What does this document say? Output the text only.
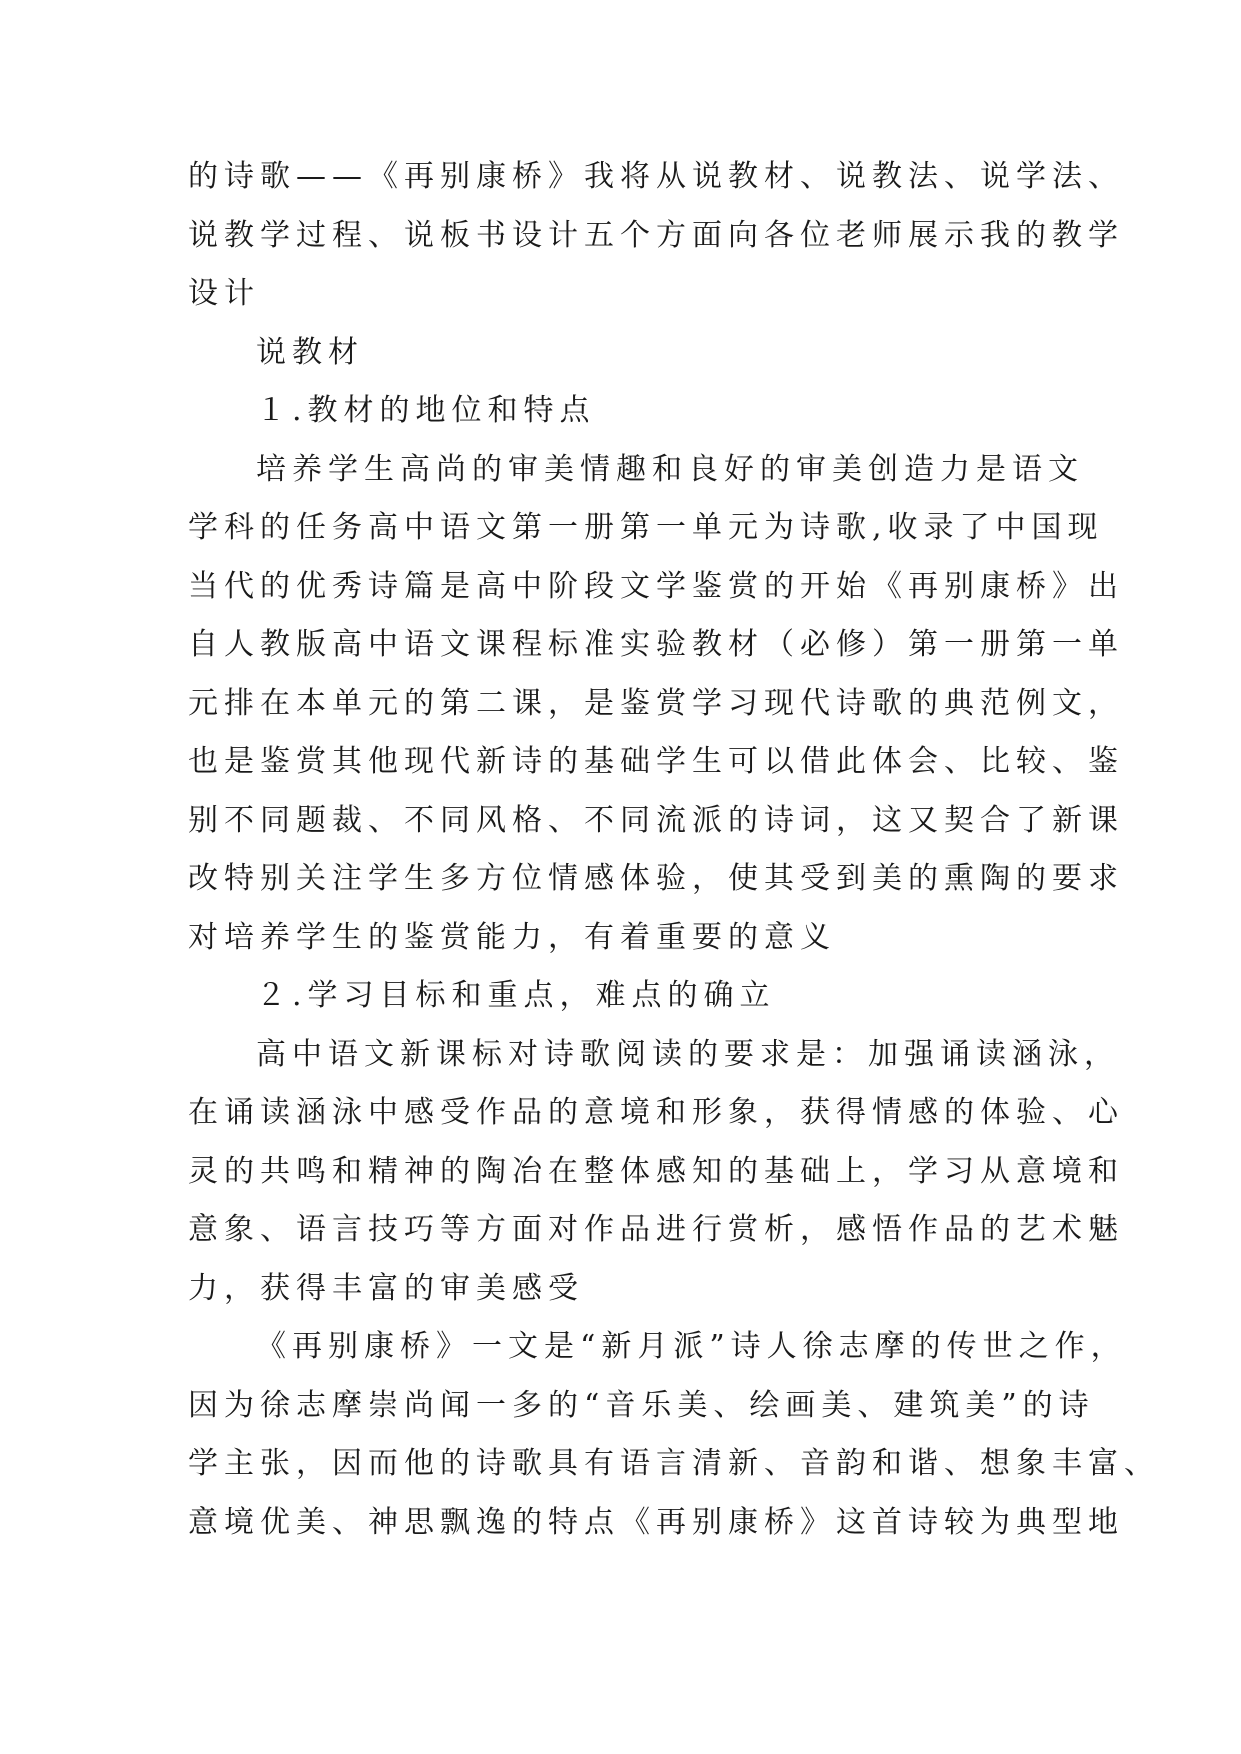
的诗歌——《再别康桥》我将从说教材、说教法、说学法、
说教学过程、说板书设计五个方面向各位老师展示我的教学
设计
说教材
１.教材的地位和特点
培养学生高尚的审美情趣和良好的审美创造力是语文
学科的任务高中语文第一册第一单元为诗歌,收录了中国现
当代的优秀诗篇是高中阶段文学鉴赏的开始《再别康桥》出
自人教版高中语文课程标准实验教材（必修）第一册第一单
元排在本单元的第二课，是鉴赏学习现代诗歌的典范例文，
也是鉴赏其他现代新诗的基础学生可以借此体会、比较、鉴
别不同题裁、不同风格、不同流派的诗词，这又契合了新课
改特别关注学生多方位情感体验，使其受到美的熏陶的要求
对培养学生的鉴赏能力，有着重要的意义
２.学习目标和重点，难点的确立
高中语文新课标对诗歌阅读的要求是：加强诵读涵泳，
在诵读涵泳中感受作品的意境和形象，获得情感的体验、心
灵的共鸣和精神的陶冶在整体感知的基础上，学习从意境和
意象、语言技巧等方面对作品进行赏析，感悟作品的艺术魅
力，获得丰富的审美感受
《再别康桥》一文是“新月派”诗人徐志摩的传世之作，
因为徐志摩崇尚闻一多的“音乐美、绘画美、建筑美”的诗
学主张，因而他的诗歌具有语言清新、音韵和谐、想象丰富、
意境优美、神思飘逸的特点《再别康桥》这首诗较为典型地
